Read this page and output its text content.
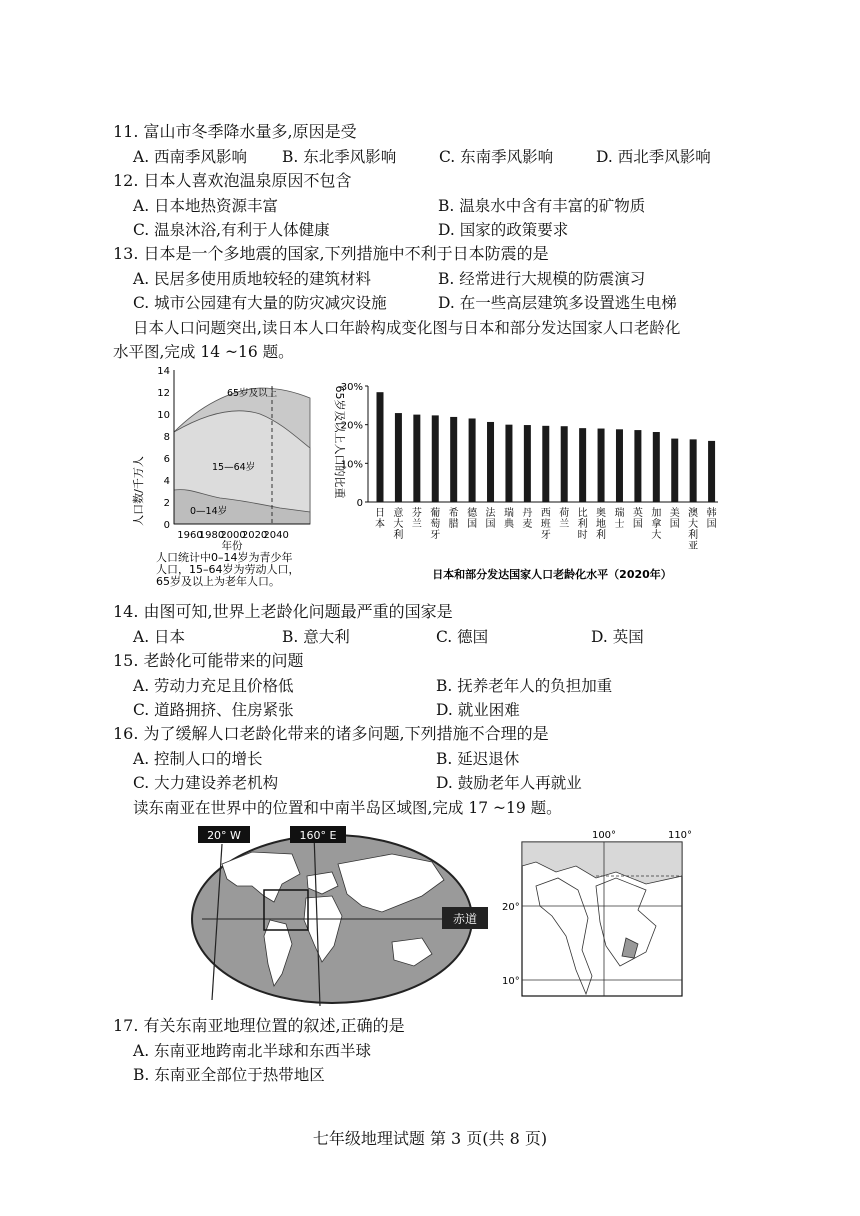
11. 富山市冬季降水量多,原因是受
A. 西南季风影响 B. 东北季风影响	C. 东南季风影响	D. 西北季风影响
12. 日本人喜欢泡温泉原因不包含
A. 日本地热资源丰富	B. 温泉水中含有丰富的矿物质
C. 温泉沐浴,有利于人体健康	D. 国家的政策要求
13. 日本是一个多地震的国家,下列措施中不利于日本防震的是
A. 民居多使用质地较轻的建筑材料	B. 经常进行大规模的防震演习
C. 城市公园建有大量的防灾减灾设施	D. 在一些高层建筑多设置逃生电梯
日本人口问题突出,读日本人口年龄构成变化图与日本和部分发达国家人口老龄化
水平图,完成 14 ~16 题。
人口数/千万人 0
2
4
6
8
10
12
14
65岁及以上
15—64岁
0—14岁
1960
1980
2000
2020
2040
年份
人口统计中0–14岁为青少年
人口，15–64岁为劳动人口，
65岁及以上为老年人口。
65岁及以上人口的比重
0
10%
20%
30%
日本
意大利
芬兰
葡萄牙
希腊
德国
法国
瑞典
丹麦
西班牙
荷兰
比利时
奥地利
瑞士
英国
加拿大
美国
澳大利亚
韩国
日本和部分发达国家人口老龄化水平（2020年）
14. 由图可知,世界上老龄化问题最严重的国家是
A. 日本	B. 意大利	C. 德国	D. 英国
15. 老龄化可能带来的问题
A. 劳动力充足且价格低	B. 抚养老年人的负担加重
C. 道路拥挤、住房紧张	D. 就业困难
16. 为了缓解人口老龄化带来的诸多问题,下列措施不合理的是
A. 控制人口的增长	B. 延迟退休
C. 大力建设养老机构	D. 鼓励老年人再就业
读东南亚在世界中的位置和中南半岛区域图,完成 17 ~19 题。
20° W	160° E
赤道
100°	110°
20°
10°
17. 有关东南亚地理位置的叙述,正确的是
A. 东南亚地跨南北半球和东西半球
B. 东南亚全部位于热带地区
七年级地理试题 第 3 页(共 8 页)
